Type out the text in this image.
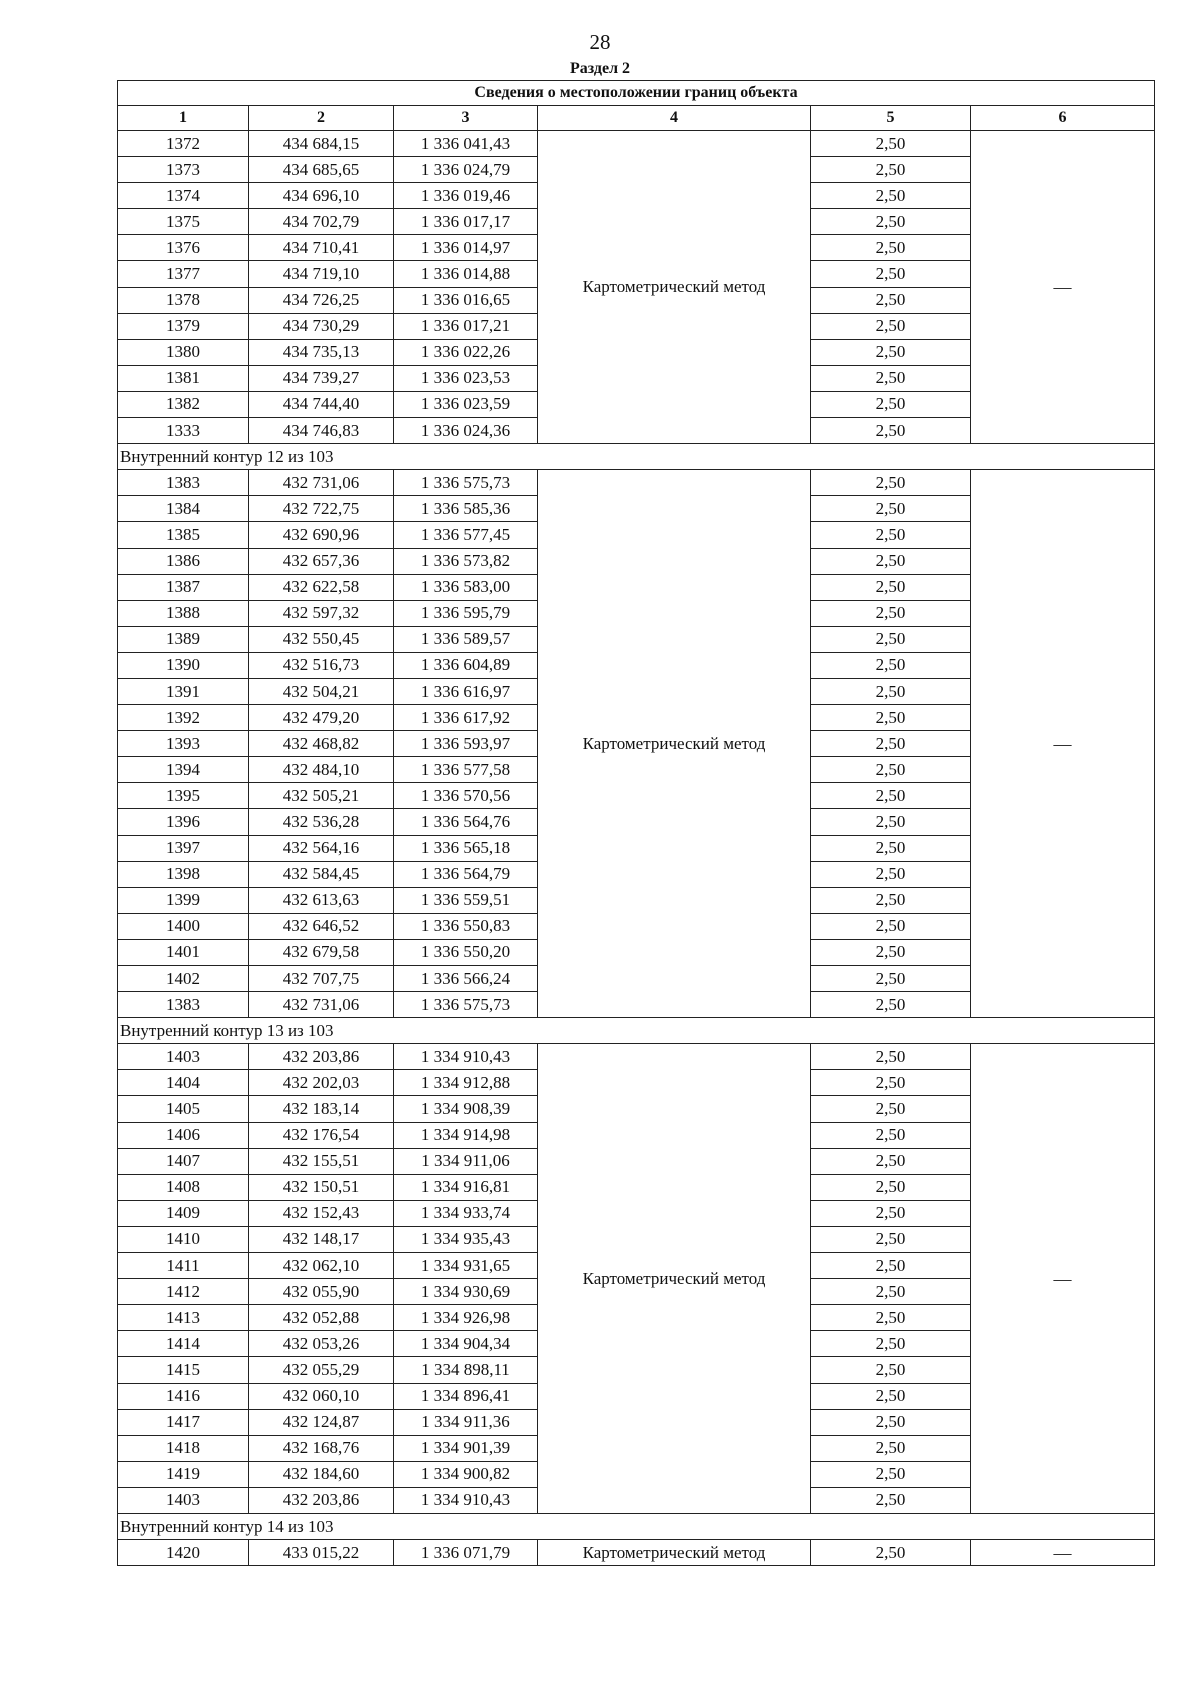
28
Раздел 2
Сведения о местоположении границ объекта					
1	2	3	4	5	6
1372	434 684,15	1 336 041,43	Картометрический метод	2,50	—
1373	434 685,65	1 336 024,79		2,50	
1374	434 696,10	1 336 019,46		2,50	
1375	434 702,79	1 336 017,17		2,50	
1376	434 710,41	1 336 014,97		2,50	
1377	434 719,10	1 336 014,88		2,50	
1378	434 726,25	1 336 016,65		2,50	
1379	434 730,29	1 336 017,21		2,50	
1380	434 735,13	1 336 022,26		2,50	
1381	434 739,27	1 336 023,53		2,50	
1382	434 744,40	1 336 023,59		2,50	
1333	434 746,83	1 336 024,36		2,50	
Внутренний контур 12 из 103					
1383	432 731,06	1 336 575,73	Картометрический метод	2,50	—
1384	432 722,75	1 336 585,36		2,50	
1385	432 690,96	1 336 577,45		2,50	
1386	432 657,36	1 336 573,82		2,50	
1387	432 622,58	1 336 583,00		2,50	
1388	432 597,32	1 336 595,79		2,50	
1389	432 550,45	1 336 589,57		2,50	
1390	432 516,73	1 336 604,89		2,50	
1391	432 504,21	1 336 616,97		2,50	
1392	432 479,20	1 336 617,92		2,50	
1393	432 468,82	1 336 593,97		2,50	
1394	432 484,10	1 336 577,58		2,50	
1395	432 505,21	1 336 570,56		2,50	
1396	432 536,28	1 336 564,76		2,50	
1397	432 564,16	1 336 565,18		2,50	
1398	432 584,45	1 336 564,79		2,50	
1399	432 613,63	1 336 559,51		2,50	
1400	432 646,52	1 336 550,83		2,50	
1401	432 679,58	1 336 550,20		2,50	
1402	432 707,75	1 336 566,24		2,50	
1383	432 731,06	1 336 575,73		2,50	
Внутренний контур 13 из 103					
1403	432 203,86	1 334 910,43	Картометрический метод	2,50	—
1404	432 202,03	1 334 912,88		2,50	
1405	432 183,14	1 334 908,39		2,50	
1406	432 176,54	1 334 914,98		2,50	
1407	432 155,51	1 334 911,06		2,50	
1408	432 150,51	1 334 916,81		2,50	
1409	432 152,43	1 334 933,74		2,50	
1410	432 148,17	1 334 935,43		2,50	
1411	432 062,10	1 334 931,65		2,50	
1412	432 055,90	1 334 930,69		2,50	
1413	432 052,88	1 334 926,98		2,50	
1414	432 053,26	1 334 904,34		2,50	
1415	432 055,29	1 334 898,11		2,50	
1416	432 060,10	1 334 896,41		2,50	
1417	432 124,87	1 334 911,36		2,50	
1418	432 168,76	1 334 901,39		2,50	
1419	432 184,60	1 334 900,82		2,50	
1403	432 203,86	1 334 910,43		2,50	
Внутренний контур 14 из 103					
1420	433 015,22	1 336 071,79	Картометрический метод	2,50	—
